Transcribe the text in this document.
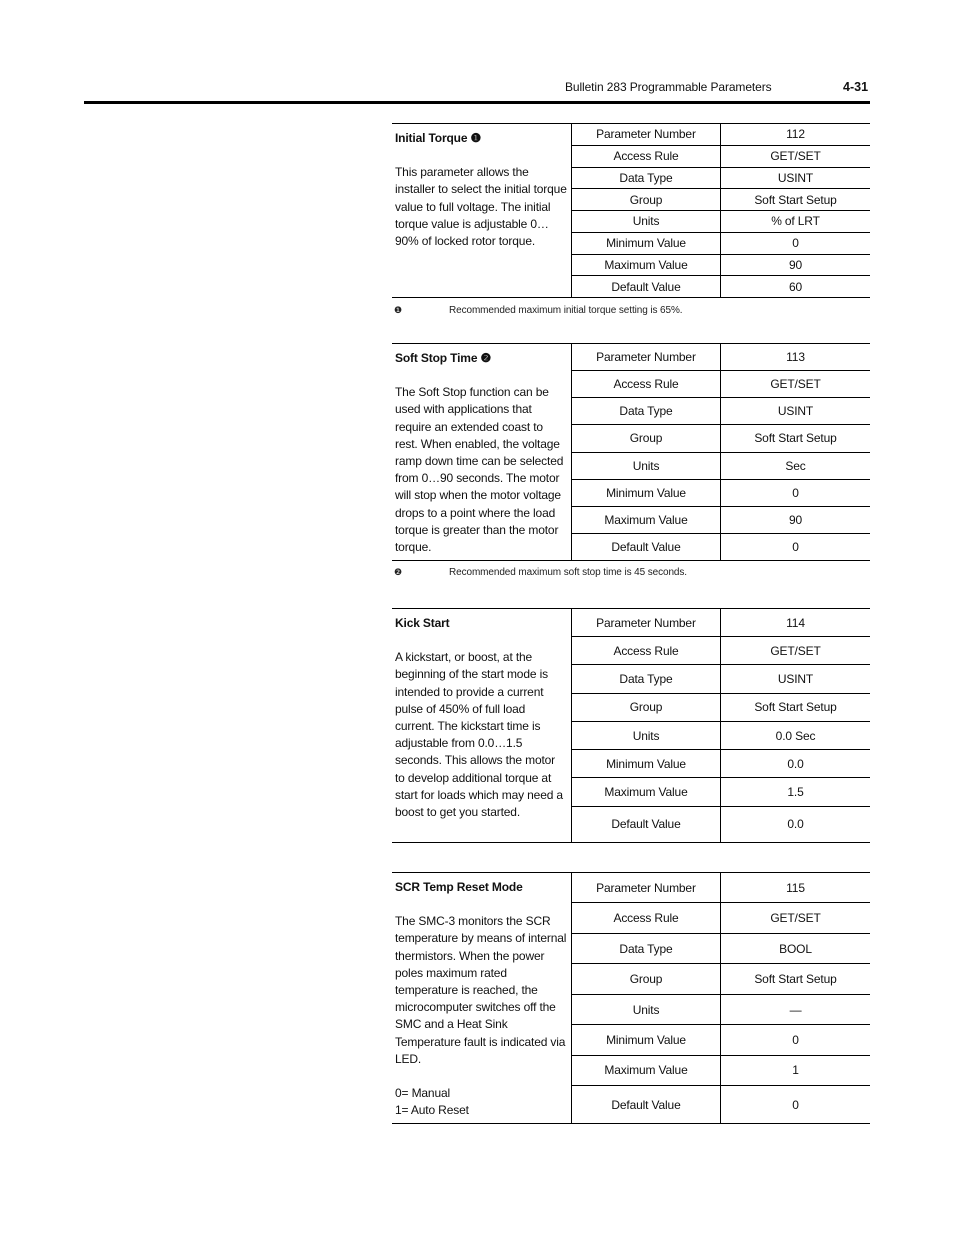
Bulletin 283 Programmable Parameters	4-31
Initial Torque ❶
This parameter allows the installer to select the initial torque value to full voltage. The initial torque value is adjustable 0…90% of locked rotor torque.
Parameter Number	112
Access Rule	GET/SET
Data Type	USINT
Group	Soft Start Setup
Units	% of LRT
Minimum Value	0
Maximum Value	90
Default Value	60
❶	Recommended maximum initial torque setting is 65%.
Soft Stop Time ❷
The Soft Stop function can be used with applications that require an extended coast to rest. When enabled, the voltage ramp down time can be selected from 0…90 seconds. The motor will stop when the motor voltage drops to a point where the load torque is greater than the motor torque.
Parameter Number	113
Access Rule	GET/SET
Data Type	USINT
Group	Soft Start Setup
Units	Sec
Minimum Value	0
Maximum Value	90
Default Value	0
❷	Recommended maximum soft stop time is 45 seconds.
Kick Start
A kickstart, or boost, at the beginning of the start mode is intended to provide a current pulse of 450% of full load current. The kickstart time is adjustable from 0.0…1.5 seconds. This allows the motor to develop additional torque at start for loads which may need a boost to get you started.
Parameter Number	114
Access Rule	GET/SET
Data Type	USINT
Group	Soft Start Setup
Units	0.0 Sec
Minimum Value	0.0
Maximum Value	1.5
Default Value	0.0
SCR Temp Reset Mode
The SMC-3 monitors the SCR temperature by means of internal thermistors. When the power poles maximum rated temperature is reached, the microcomputer switches off the SMC and a Heat Sink Temperature fault is indicated via LED.

0= Manual
1= Auto Reset
Parameter Number	115
Access Rule	GET/SET
Data Type	BOOL
Group	Soft Start Setup
Units	—
Minimum Value	0
Maximum Value	1
Default Value	0
